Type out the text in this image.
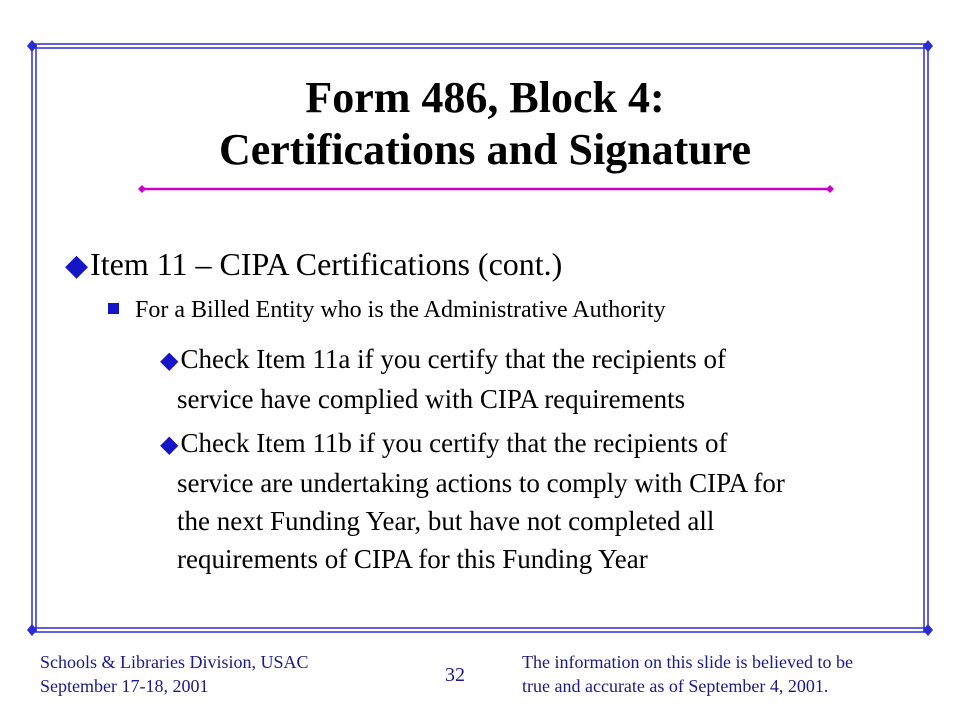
Form 486, Block 4:
Certifications and Signature
◆Item 11 – CIPA Certifications (cont.)
For a Billed Entity who is the Administrative Authority
◆Check Item 11a if you certify that the recipients of
service have complied with CIPA requirements
◆Check Item 11b if you certify that the recipients of
service are undertaking actions to comply with CIPA for
the next Funding Year, but have not completed all
requirements of CIPA for this Funding Year
Schools & Libraries Division, USAC
September 17-18, 2001	32
The information on this slide is believed to be
true and accurate as of September 4, 2001.
